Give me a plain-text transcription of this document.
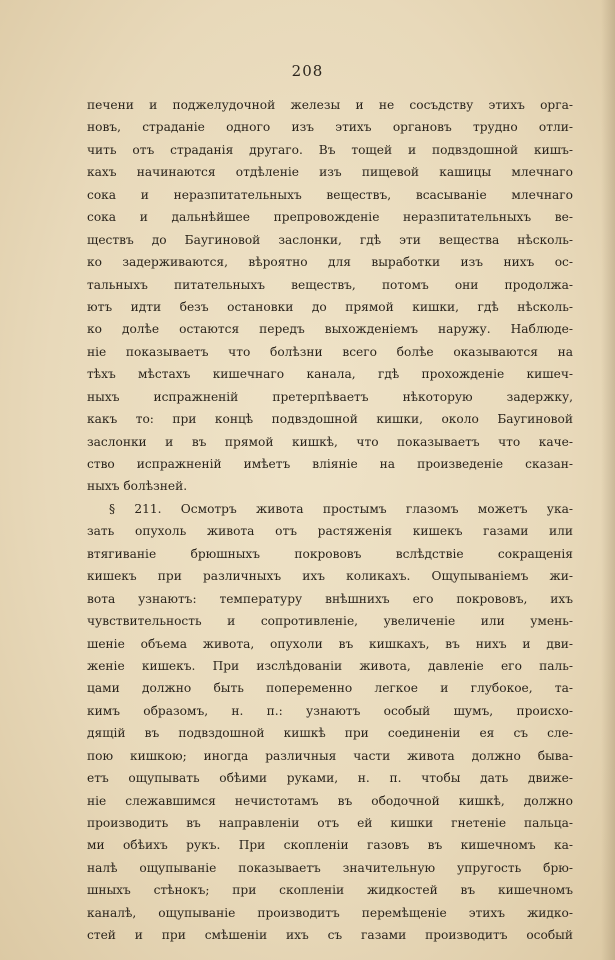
208
печени и поджелудочной железы и не сосъдству этихъ орга-
новъ, страданіе одного изъ этихъ органовъ трудно отли-
чить отъ страданія другаго. Въ тощей и подвздошной кишъ-
кахъ начинаются отдѣленіе изъ пищевой кашицы млечнаго
сока и неразпитательныхъ веществъ, всасываніе млечнаго
сока и дальнѣйшее препровожденіе неразпитательныхъ ве-
ществъ до Баугиновой заслонки, гдѣ эти вещества нѣсколь-
ко задерживаются, вѣроятно для выработки изъ нихъ ос-
тальныхъ питательныхъ веществъ, потомъ они продолжа-
ютъ идти безъ остановки до прямой кишки, гдѣ нѣсколь-
ко долѣе остаются передъ выхожденіемъ наружу. Наблюде-
ніе показываетъ что болѣзни всего болѣе оказываются на
тѣхъ мѣстахъ кишечнаго канала, гдѣ прохожденіе кишеч-
ныхъ испражненій претерпѣваетъ нѣкоторую задержку,
какъ то: при концѣ подвздошной кишки, около Баугиновой
заслонки и въ прямой кишкѣ, что показываетъ что каче-
ство испражненій имѣетъ вліяніе на произведеніе сказан-
ныхъ болѣзней.
§ 211. Осмотръ живота простымъ глазомъ можетъ ука-
зать опухоль живота отъ растяженія кишекъ газами или
втягиваніе брюшныхъ покрововъ вслѣдствіе сокращенія
кишекъ при различныхъ ихъ коликахъ. Ощупываніемъ жи-
вота узнаютъ: температуру внѣшнихъ его покрововъ, ихъ
чувствительность и сопротивленіе, увеличеніе или умень-
шеніе объема живота, опухоли въ кишкахъ, въ нихъ и дви-
женіе кишекъ. При изслѣдованіи живота, давленіе его паль-
цами должно быть попеременно легкое и глубокое, та-
кимъ образомъ, н. п.: узнаютъ особый шумъ, происхо-
дящій въ подвздошной кишкѣ при соединеніи ея съ сле-
пою кишкою; иногда различныя части живота должно быва-
етъ ощупывать обѣими руками, н. п. чтобы дать движе-
ніе слежавшимся нечистотамъ въ ободочной кишкѣ, должно
производить въ направленіи отъ ей кишки гнетеніе пальца-
ми обѣихъ рукъ. При скопленіи газовъ въ кишечномъ ка-
налѣ ощупываніе показываетъ значительную упругость брю-
шныхъ стѣнокъ; при скопленіи жидкостей въ кишечномъ
каналѣ, ощупываніе производитъ перемѣщеніе этихъ жидко-
стей и при смѣшеніи ихъ съ газами производитъ особый
